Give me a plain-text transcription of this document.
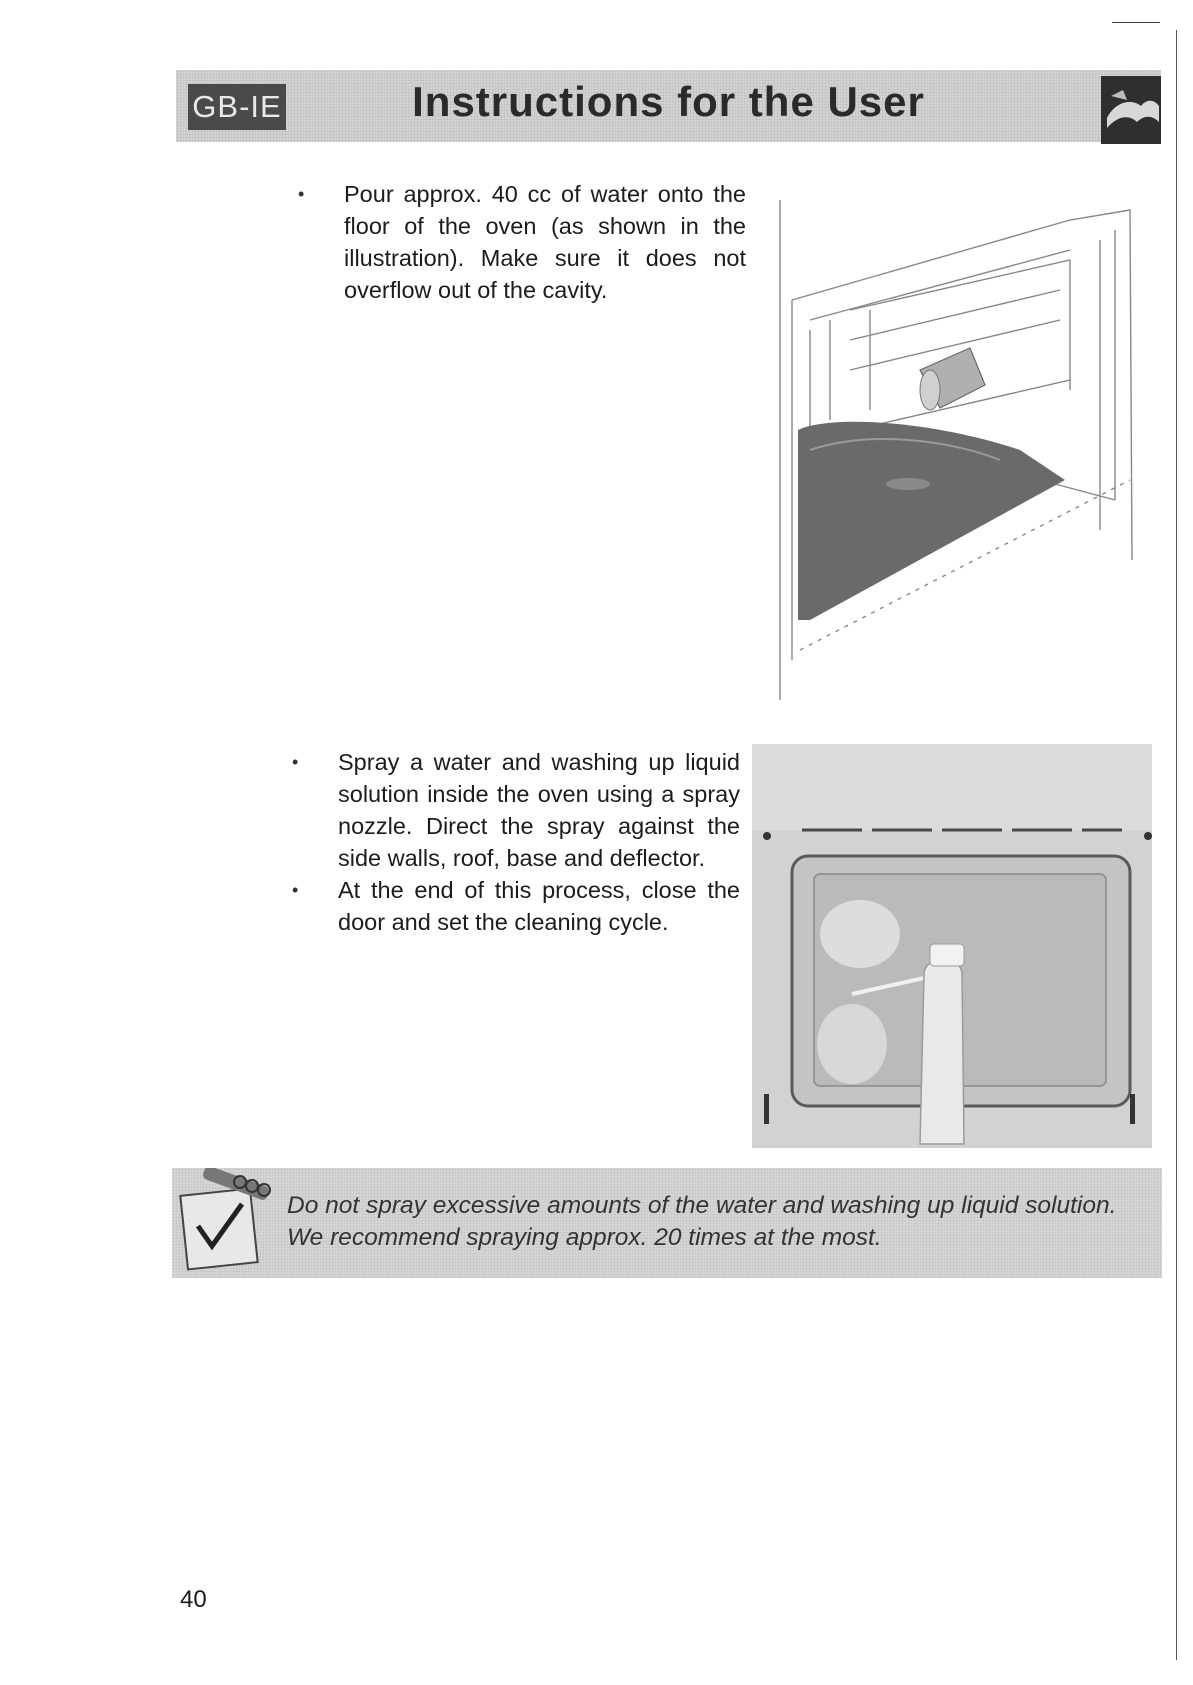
GB-IE	Instructions for the User
• Pour approx. 40 cc of water onto the floor of the oven (as shown in the illustration). Make sure it does not overflow out of the cavity.
• Spray a water and washing up liquid solution inside the oven using a spray nozzle. Direct the spray against the side walls, roof, base and deflector.
• At the end of this process, close the door and set the cleaning cycle.
Do not spray excessive amounts of the water and washing up liquid solution. We recommend spraying approx. 20 times at the most.
40
